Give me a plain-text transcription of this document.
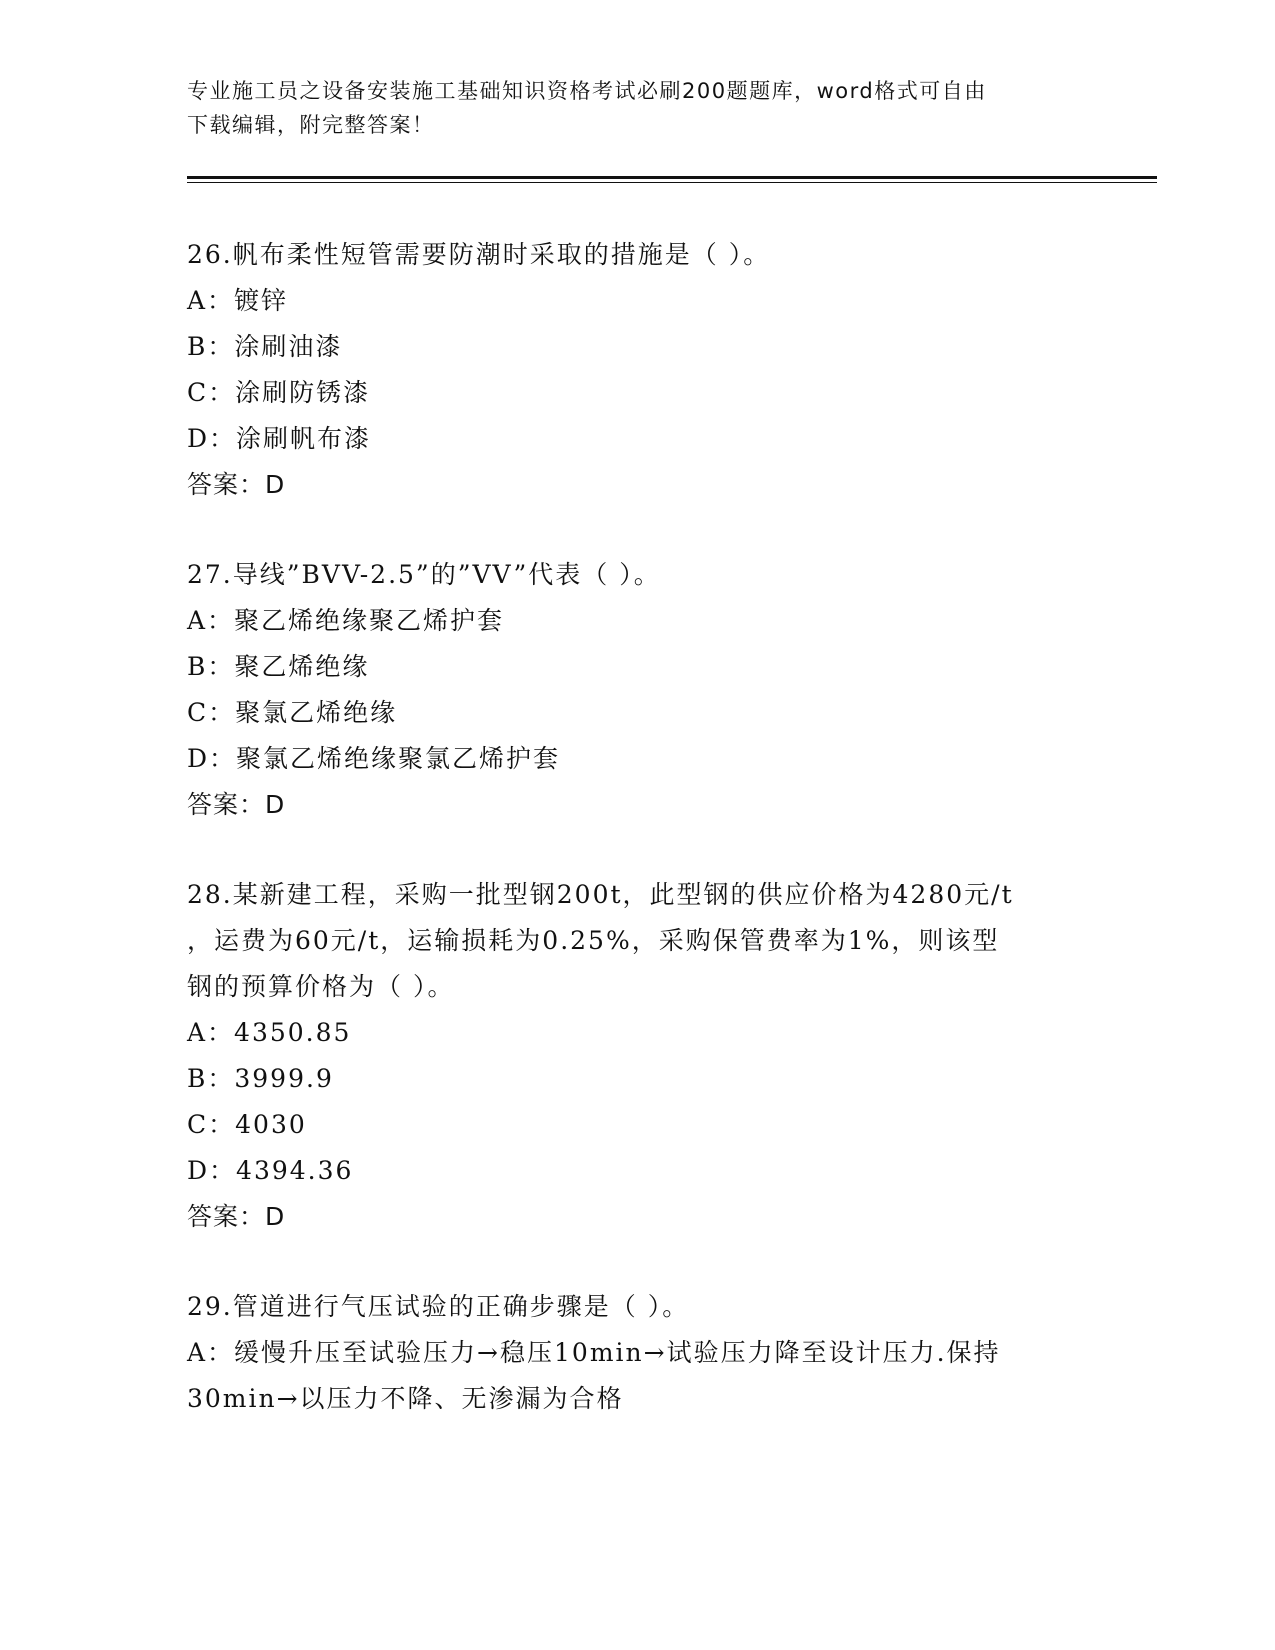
专业施工员之设备安装施工基础知识资格考试必刷200题题库，word格式可自由
下载编辑，附完整答案！
26.帆布柔性短管需要防潮时采取的措施是（ ）。
A：镀锌
B：涂刷油漆
C：涂刷防锈漆
D：涂刷帆布漆
答案：D
27.导线”BVV-2.5”的”VV”代表（ ）。
A：聚乙烯绝缘聚乙烯护套
B：聚乙烯绝缘
C：聚氯乙烯绝缘
D：聚氯乙烯绝缘聚氯乙烯护套
答案：D
28.某新建工程，采购一批型钢200t，此型钢的供应价格为4280元/t
，运费为60元/t，运输损耗为0.25%，采购保管费率为1%，则该型
钢的预算价格为（ ）。
A：4350.85
B：3999.9
C：4030
D：4394.36
答案：D
29.管道进行气压试验的正确步骤是（ ）。
A：缓慢升压至试验压力→稳压10min→试验压力降至设计压力.保持
30min→以压力不降、无渗漏为合格
